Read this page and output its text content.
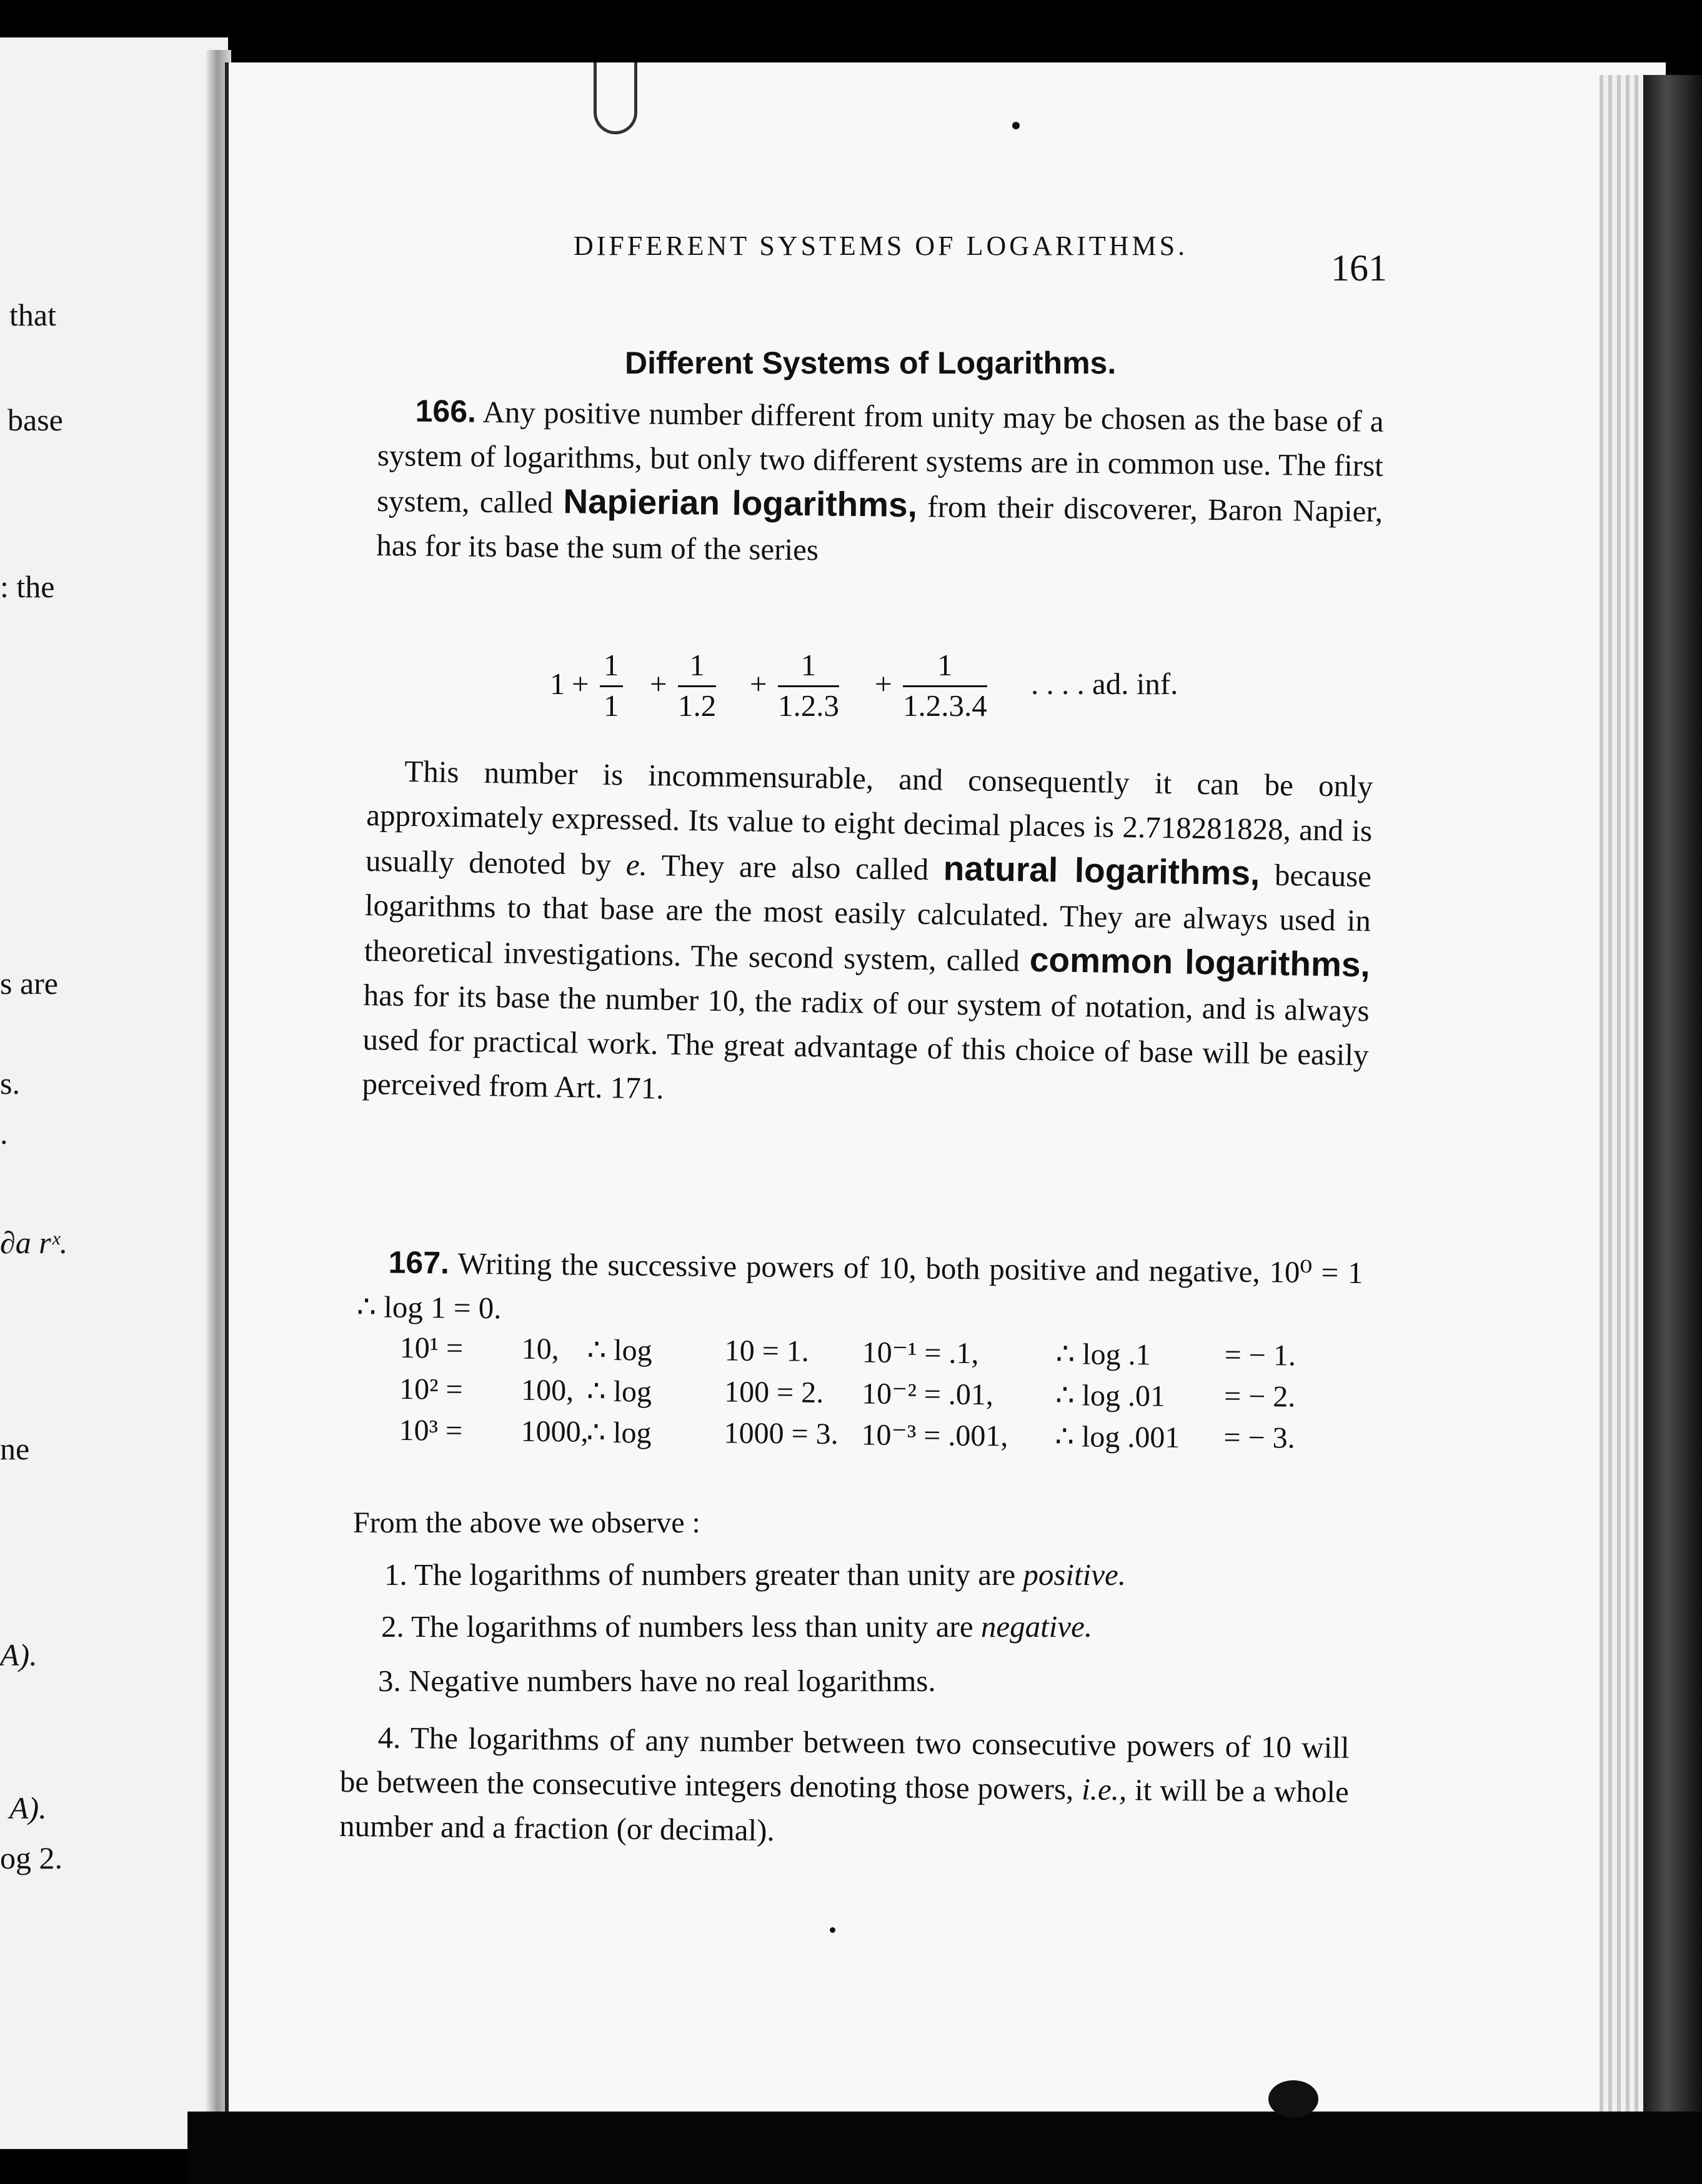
that
base
: the
s are
s.
.
∂a rˣ.
ne
A).
A).
og 2.
DIFFERENT SYSTEMS OF LOGARITHMS.
161
Different Systems of Logarithms.
166. Any positive number different from unity may be chosen as the base of a system of logarithms, but only two different systems are in common use. The first system, called Napierian logarithms, from their discoverer, Baron Napier, has for its base the sum of the series
$1 + \frac{1}{1} + \frac{1}{1.2} + \frac{1}{1.2.3} + \frac{1}{1.2.3.4}$ . . . . ad. inf.
This number is incommensurable, and consequently it can be only approximately expressed. Its value to eight decimal places is 2.718281828, and is usually denoted by e. They are also called natural logarithms, because logarithms to that base are the most easily calculated. They are always used in theoretical investigations. The second system, called common logarithms, has for its base the number 10, the radix of our system of notation, and is always used for practical work. The great advantage of this choice of base will be easily perceived from Art. 171.
167. Writing the successive powers of 10, both positive and negative, 10⁰ = 1 ∴ log 1 = 0.
10¹ = 10, ∴ log 10 = 1. 10⁻¹ = .1,	∴ log .1 = − 1.
10² = 100, ∴ log 100 = 2. 10⁻² = .01, ∴ log .01 = − 2.
10³ = 1000,
∴ log 1000 = 3. 10⁻³ = .001, ∴ log .001 = − 3.
From the above we observe :
1. The logarithms of numbers greater than unity are positive.
2. The logarithms of numbers less than unity are negative.
3. Negative numbers have no real logarithms.
4. The logarithms of any number between two consecutive powers of 10 will be between the consecutive integers denoting those powers, i.e., it will be a whole number and a fraction (or decimal).
